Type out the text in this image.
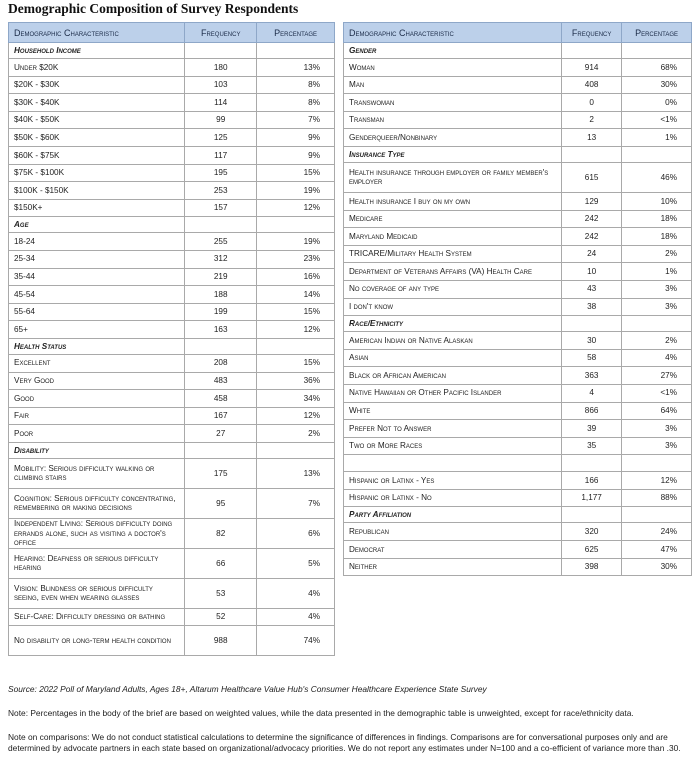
Demographic Composition of Survey Respondents
Demographic Characteristic	Frequency	Percentage
Household Income		
Under $20K	180	13%
$20K - $30K	103	8%
$30K - $40K	114	8%
$40K - $50K	99	7%
$50K - $60K	125	9%
$60K - $75K	117	9%
$75K - $100K	195	15%
$100K - $150K	253	19%
$150K+	157	12%
Age		
18-24	255	19%
25-34	312	23%
35-44	219	16%
45-54	188	14%
55-64	199	15%
65+	163	12%
Health Status		
Excellent	208	15%
Very Good	483	36%
Good	458	34%
Fair	167	12%
Poor	27	2%
Disability		
Mobility: Serious difficulty walking or climbing stairs	175	13%
Cognition: Serious difficulty concentrating, remembering or making decisions	95	7%
Independent Living: Serious difficulty doing errands alone, such as visiting a doctor's office	82	6%
Hearing: Deafness or serious difficulty hearing	66	5%
Vision: Blindness or serious difficulty seeing, even when wearing glasses	53	4%
Self-Care: Difficulty dressing or bathing	52	4%
No disability or long-term health condition	988	74%
Demographic Characteristic	Frequency	Percentage
Gender		
Woman	914	68%
Man	408	30%
Transwoman	0	0%
Transman	2	<1%
Genderqueer/Nonbinary	13	1%
Insurance Type		
Health insurance through employer or family member's employer	615	46%
Health insurance I buy on my own	129	10%
Medicare	242	18%
Maryland Medicaid	242	18%
TRICARE/Military Health System	24	2%
Department of Veterans Affairs (VA) Health Care	10	1%
No coverage of any type	43	3%
I don't know	38	3%
Race/Ethnicity		
American Indian or Native Alaskan	30	2%
Asian	58	4%
Black or African American	363	27%
Native Hawaiian or Other Pacific Islander	4	<1%
White	866	64%
Prefer Not to Answer	39	3%
Two or More Races	35	3%

Hispanic or Latinx - Yes	166	12%
Hispanic or Latinx - No	1,177	88%
Party Affiliation		
Republican	320	24%
Democrat	625	47%
Neither	398	30%
Source: 2022 Poll of Maryland Adults, Ages 18+, Altarum Healthcare Value Hub's Consumer Healthcare Experience State Survey
Note: Percentages in the body of the brief are based on weighted values, while the data presented in the demographic table is unweighted, except for race/ethnicity data.
Note on comparisons: We do not conduct statistical calculations to determine the significance of differences in findings. Comparisons are for conversational purposes only and are determined by advocate partners in each state based on organizational/advocacy priorities. We do not report any estimates under N=100 and a co-efficient of variance more than .30.
